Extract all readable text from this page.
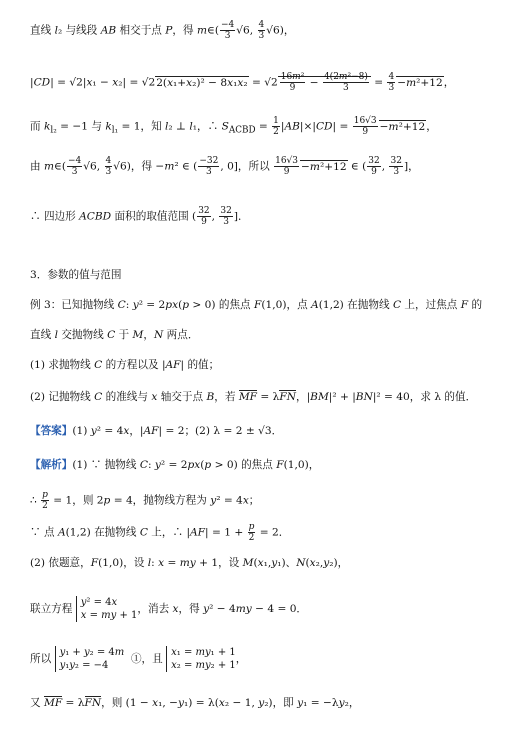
直线 l₂ 与线段 AB 相交于点 P，得 m∈( $\frac{-4}{3} √6$, $\frac{4}{3} √6$)，
$|CD| = √2|x_1 - x_2| = √22(x_1+x_2)^2 - 8x_1x_2 = √2 \frac{\text{16m²}}{9} - \frac{\text{4(2m²−8)}}{3} = \frac{4}{3} -m^2+12$，
而 $k_{l_2} = -1$ 与 $k_{l_1} = 1$，知 l₂ ⊥ l₁，∴ $S_{ACBD} = \frac{1}{2} |AB|\times|CD| = \frac{16√3}{9} -m^2+12$，
由 m∈( $\frac{-4}{3} √6$, $\frac{4}{3} √6$)，得 −m² ∈ ( $\frac{-32}{3}$ , 0]，所以 $\frac{16√3}{9} -m^2+12$ ∈ ( $\frac{32}{9}$ , $\frac{32}{3}$ ]，
∴ 四边形 ACBD 面积的取值范围 ( $\frac{32}{9}$ , $\frac{32}{3}$ ]．
3．参数的值与范围
例 3：已知抛物线 C: y² = 2px(p > 0) 的焦点 F(1,0)，点 A(1,2) 在抛物线 C 上，过焦点 F 的
直线 l 交抛物线 C 于 M，N 两点．
(1) 求抛物线 C 的方程以及 |AF| 的值；
(2) 记抛物线 C 的准线与 x 轴交于点 B，若 MF = λFN，|BM|² + |BN|² = 40，求 λ 的值．
【答案】(1) y² = 4x，|AF| = 2；(2) λ = 2 ± √3．
【解析】(1) ∵ 抛物线 C: y² = 2px(p > 0) 的焦点 F(1,0)，
∴ $\frac{p}{2} = 1$，则 2p = 4，抛物线方程为 y² = 4x；
∵ 点 A(1,2) 在抛物线 C 上，∴ $|AF| = 1 + \frac{p}{2} = 2$．
(2) 依题意，F(1,0)，设 l: x = my + 1，设 M(x₁,y₁)、N(x₂,y₂)，
联立方程 y² = 4x
x = my + 1，消去 x，得 y² − 4my − 4 = 0．
所以 y₁ + y₂ = 4m
y₁y₂ = −4  ①，且 x₁ = my₁ + 1
x₂ = my₂ + 1，
又 MF = λFN，则 (1 − x₁, −y₁) = λ(x₂ − 1, y₂)，即 y₁ = −λy₂，
